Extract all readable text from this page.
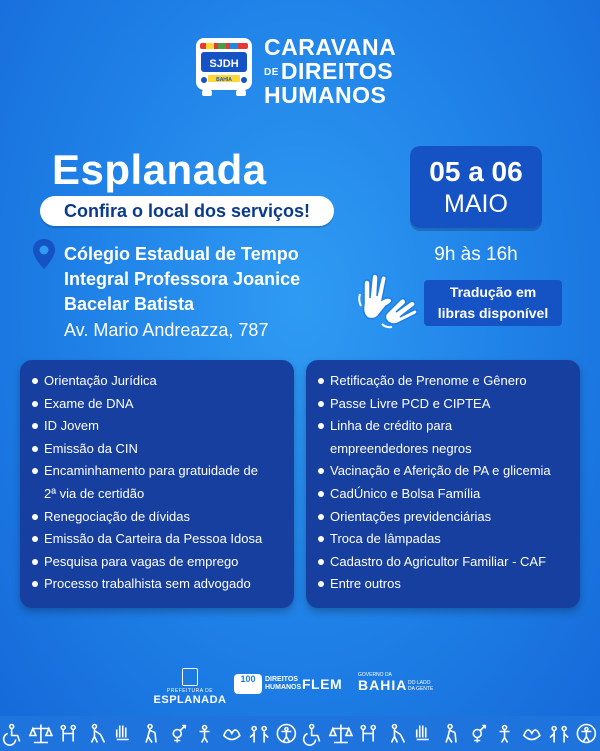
SJDH
BAHIA
CARAVANA
DEDIREITOS
HUMANOS
Esplanada
Confira o local dos serviços!
05 a 06
MAIO
9h às 16h
Cólegio Estadual de Tempo
Integral Professora Joanice
Bacelar Batista
Av. Mario Andreazza, 787
Tradução em
libras disponível
Orientação Jurídica
Exame de DNA
ID Jovem
Emissão da CIN
Encaminhamento para gratuidade de
2ª via de certidão
Renegociação de dívidas
Emissão da Carteira da Pessoa Idosa
Pesquisa para vagas de emprego
Processo trabalhista sem advogado
Retificação de Prenome e Gênero
Passe Livre PCD e CIPTEA
Linha de crédito para
empreendedores negros
Vacinação e Aferição de PA e glicemia
CadÚnico e Bolsa Família
Orientações previdenciárias
Troca de lâmpadas
Cadastro do Agricultor Familiar - CAF
Entre outros
PREFEITURA DE
ESPLANADA
100 DIREITOS
HUMANOS FLEM
GOVERNO DA
BAHIA DO LADO DA GENTE
